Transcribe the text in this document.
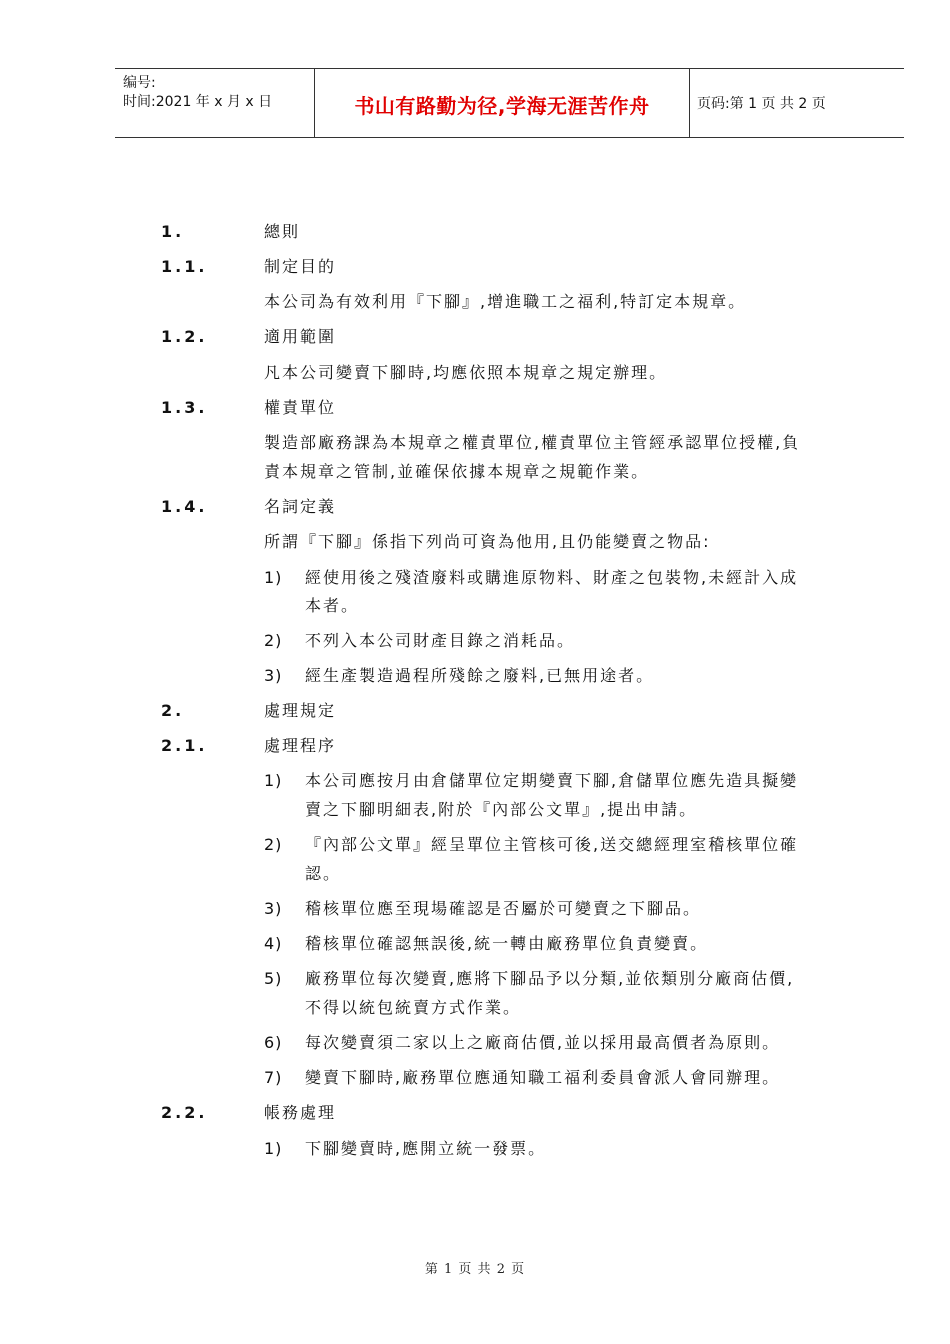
编号:
时间:2021 年 x 月 x 日	书山有路勤为径,学海无涯苦作舟	页码:第 1 页 共 2 页
1.	總則
1.1.	制定目的
本公司為有效利用『下腳』,增進職工之福利,特訂定本規章。
1.2.	適用範圍
凡本公司變賣下腳時,均應依照本規章之規定辦理。
1.3.	權責單位
製造部廠務課為本規章之權責單位,權責單位主管經承認單位授權,負
責本規章之管制,並確保依據本規章之規範作業。
1.4.	名詞定義
所謂『下腳』係指下列尚可資為他用,且仍能變賣之物品:
1) 經使用後之殘渣廢料或購進原物料、財產之包裝物,未經計入成
本者。
2) 不列入本公司財產目錄之消耗品。
3) 經生產製造過程所殘餘之廢料,已無用途者。
2.	處理規定
2.1.	處理程序
1) 本公司應按月由倉儲單位定期變賣下腳,倉儲單位應先造具擬變
賣之下腳明細表,附於『內部公文單』,提出申請。
2) 『內部公文單』經呈單位主管核可後,送交總經理室稽核單位確
認。
3) 稽核單位應至現場確認是否屬於可變賣之下腳品。
4) 稽核單位確認無誤後,統一轉由廠務單位負責變賣。
5) 廠務單位每次變賣,應將下腳品予以分類,並依類別分廠商估價,
不得以統包統賣方式作業。
6) 每次變賣須二家以上之廠商估價,並以採用最高價者為原則。
7) 變賣下腳時,廠務單位應通知職工福利委員會派人會同辦理。
2.2.	帳務處理
1) 下腳變賣時,應開立統一發票。
第 1 页 共 2 页
